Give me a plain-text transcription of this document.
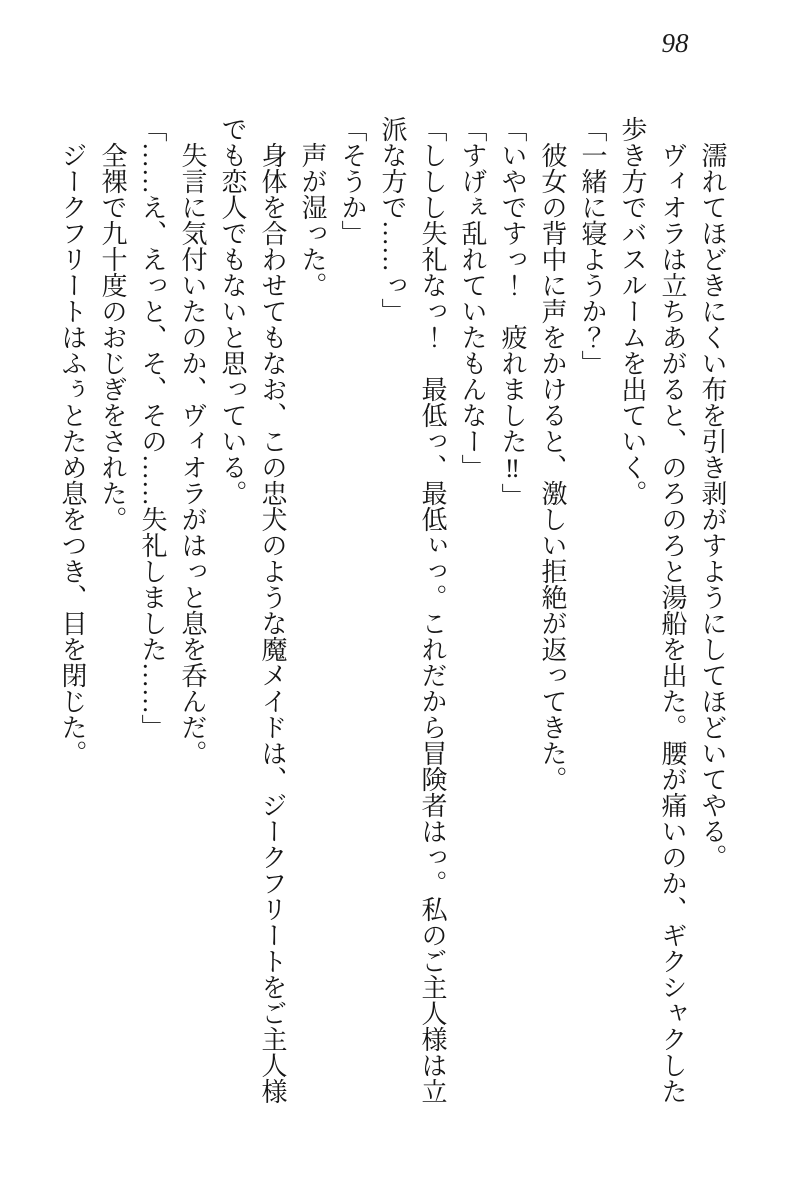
98

濡れてほどきにくい布を引き剥がすようにしてほどいてやる。

ヴィオラは立ちあがると、のろのろと湯船を出た。腰が痛いのか、ギクシャクした歩き方でバスルームを出ていく。

「一緒に寝ようか？」

彼女の背中に声をかけると、激しい拒絶が返ってきた。

「いやですっ！　疲れました‼」

「すげぇ乱れていたもんなー」

「ししし失礼なっ！　最低っ、最低ぃっ。これだから冒険者はっ。私のご主人様は立派な方で……っ」

「そうか」

声が湿った。

身体を合わせてもなお、この忠犬のような魔メイドは、ジークフリートをご主人様でも恋人でもないと思っている。

失言に気付いたのか、ヴィオラがはっと息を呑んだ。

「……え、えっと、そ、その……失礼しました……」

全裸で九十度のおじぎをされた。

ジークフリートはふぅとため息をつき、目を閉じた。
